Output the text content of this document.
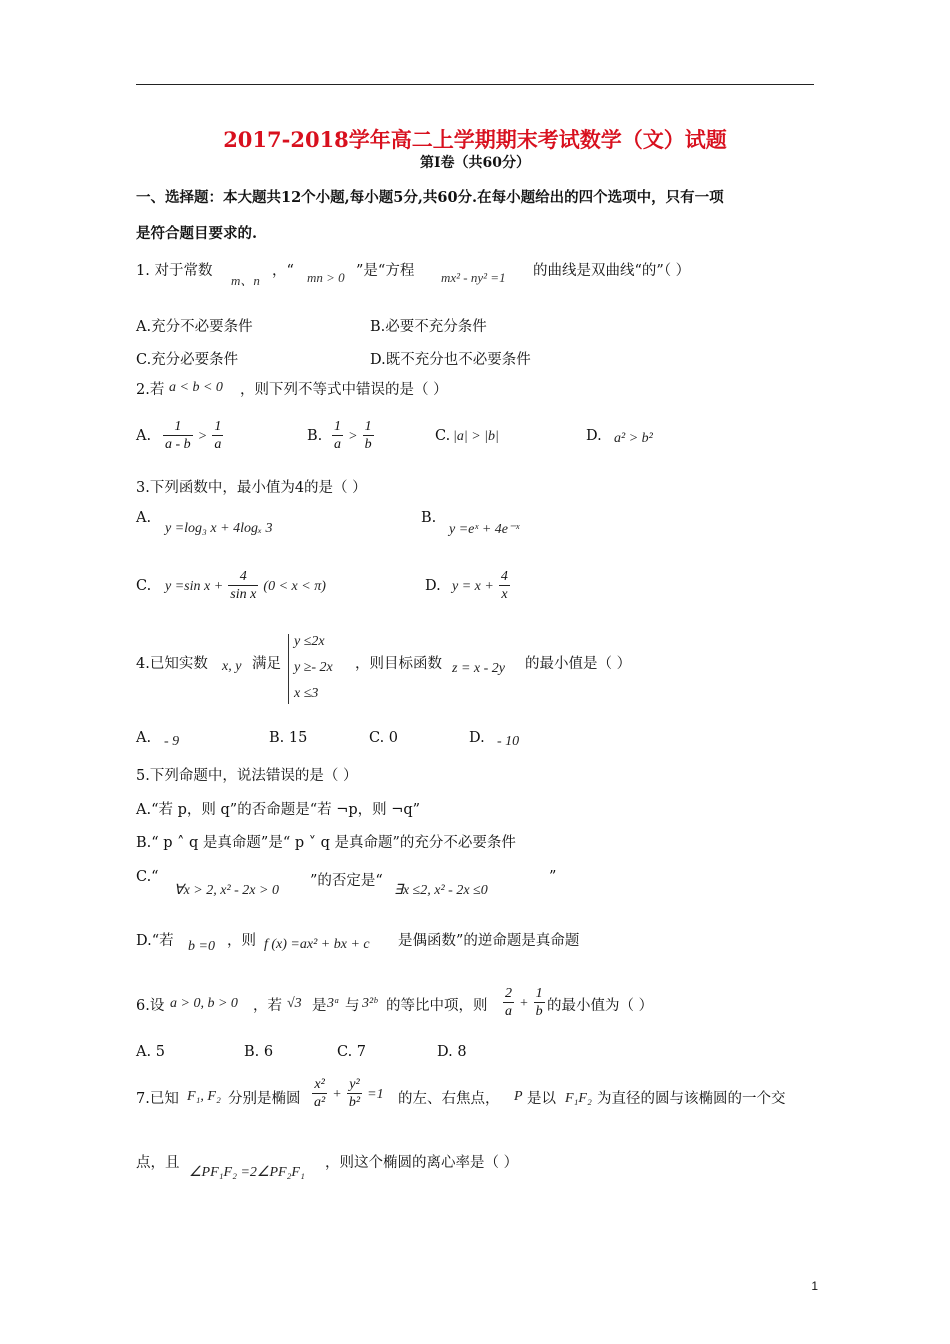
2017-2018学年高二上学期期末考试数学（文）试题
第Ⅰ卷（共60分）
一、选择题：本大题共12个小题,每小题5分,共60分.在每小题给出的四个选项中，只有一项
是符合题目要求的.
1. 对于常数
m、n
，“ mn > 0 ”是“方程 mx² - ny² =1 的曲线是双曲线“的”（ ）
A.充分不必要条件	B.必要不充分条件
C.充分必要条件	D.既不充分也不必要条件
2.若 a < b < 0 ，则下列不等式中错误的是（ ）
A. $\frac{1}{a - b} > \frac{1}{a}$	B. $\frac{1}{a} > \frac{1}{b}$	C. |a| > |b|	D. a² > b²
3.下列函数中，最小值为4的是（ ）
A.
y =log₃ x + 4logₓ 3
B.
y =eˣ + 4e⁻ˣ
C. y =sin $x + \frac{4}{\text{sin x}} (0 < x < \pi)$	D. $y = x + \frac{4}{x}$
4.已知实数 x, y 满足
y ≤2x
y ≥- 2x
x ≤3
，则目标函数 z = x - 2y 的最小值是（ ）
A. - 9	B. 15	C. 0	D. - 10
5.下列命题中，说法错误的是（ ）
A.“若 p，则 q”的否命题是“若 ¬p，则 ¬q”
B.“ p ˄ q 是真命题”是“ p ˅ q 是真命题”的充分不必要条件
C.“
∀x > 2, x² - 2x > 0
”的否定是“
∃x ≤2, x² - 2x ≤0
”
D.“若 b =0 ，则 f (x) =ax² + bx + c 是偶函数”的逆命题是真命题
6.设 a > 0, b > 0 ，若 √3 是 3ᵃ 与 3²ᵇ 的等比中项，则 $\frac{2}{a} + \frac{1}{b}$ 的最小值为（ ）
A. 5	B. 6	C. 7	D. 8
7.已知 F₁, F₂ 分别是椭圆 $\frac{\text{x²}}{\text{a²}} + \frac{\text{y²}}{\text{b²}} =1$ 的左、右焦点， P 是以 F₁F₂ 为直径的圆与该椭圆的一个交
点，且
∠PF₁F₂ =2∠PF₂F₁
，则这个椭圆的离心率是（ ）
1
